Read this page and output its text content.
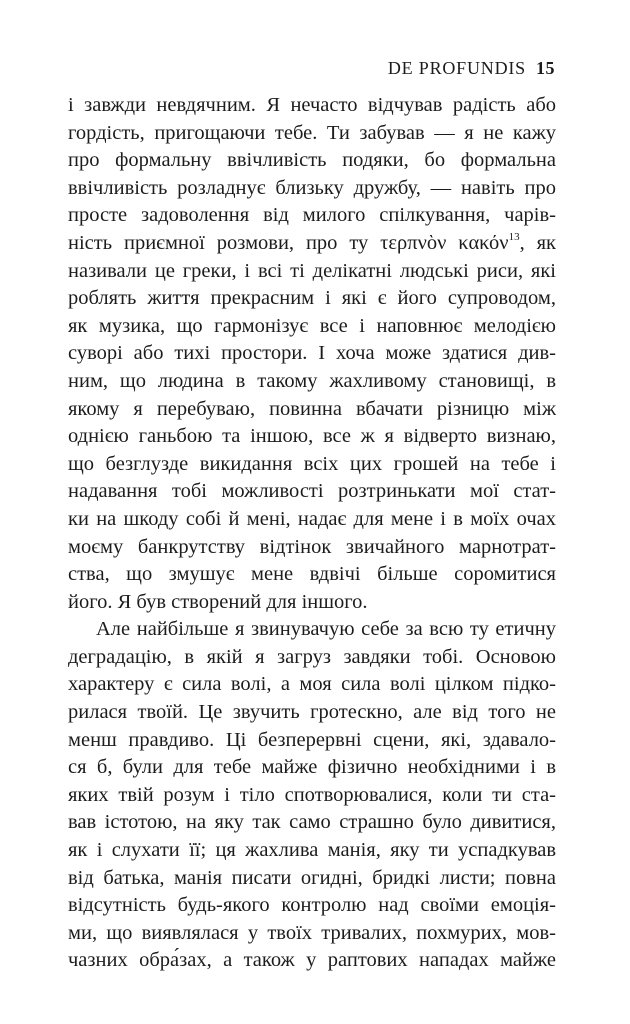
DE PROFUNDIS 15
і завжди невдячним. Я нечасто відчував радість або
гордість, пригощаючи тебе. Ти забував — я не кажу
про формальну ввічливість подяки, бо формальна
ввічливість розладнує близьку дружбу, — навіть про
просте задоволення від милого спілкування, чарів-
ність приємної розмови, про ту τερπνὸν κακόν$^{13}$, як
називали це греки, і всі ті делікатні людські риси, які
роблять життя прекрасним і які є його супроводом,
як музика, що гармонізує все і наповнює мелодією
суворі або тихі простори. І хоча може здатися див-
ним, що людина в такому жахливому становищі, в
якому я перебуваю, повинна вбачати різницю між
однією ганьбою та іншою, все ж я відверто визнаю,
що безглузде викидання всіх цих грошей на тебе і
надавання тобі можливості розтринькати мої стат-
ки на шкоду собі й мені, надає для мене і в моїх очах
моєму банкрутству відтінок звичайного марнотрат-
ства, що змушує мене вдвічі більше соромитися
його. Я був створений для іншого.
Але найбільше я звинувачую себе за всю ту етичну
деградацію, в якій я загруз завдяки тобі. Основою
характеру є сила волі, а моя сила волі цілком підко-
рилася твоїй. Це звучить гротескно, але від того не
менш правдиво. Ці безперервні сцени, які, здавало-
ся б, були для тебе майже фізично необхідними і в
яких твій розум і тіло спотворювалися, коли ти ста-
вав істотою, на яку так само страшно було дивитися,
як і слухати її; ця жахлива манія, яку ти успадкував
від батька, манія писати огидні, бридкі листи; повна
відсутність будь-якого контролю над своїми емоція-
ми, що виявлялася у твоїх тривалих, похмурих, мов-
чазних обра́зах, а також у раптових нападах майже
